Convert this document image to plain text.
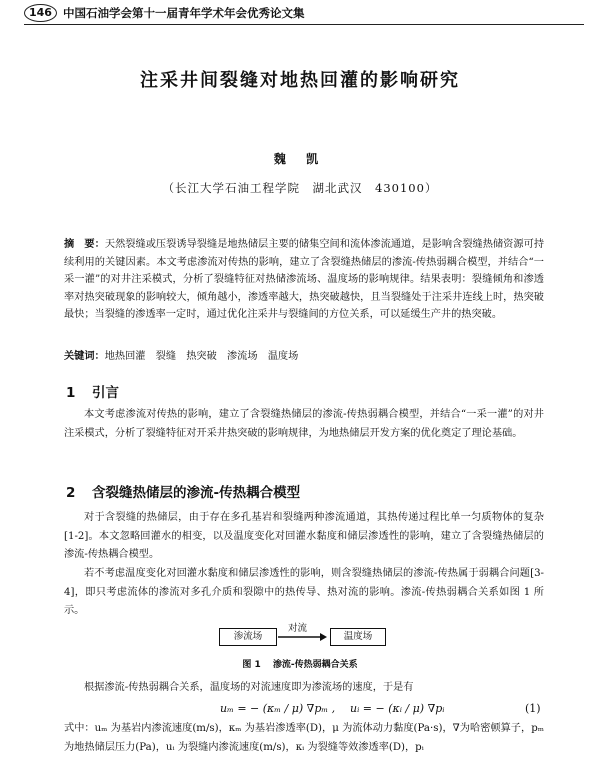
146 中国石油学会第十一届青年学术年会优秀论文集
注采井间裂缝对地热回灌的影响研究
魏 凯
（长江大学石油工程学院　湖北武汉　430100）
摘　要：天然裂缝或压裂诱导裂缝是地热储层主要的储集空间和流体渗流通道，是影响含裂缝热储资源可持续利用的关键因素。本文考虑渗流对传热的影响，建立了含裂缝热储层的渗流-传热弱耦合模型，并结合“一采一灌”的对井注采模式，分析了裂缝特征对热储渗流场、温度场的影响规律。结果表明：裂缝倾角和渗透率对热突破现象的影响较大，倾角越小，渗透率越大，热突破越快，且当裂缝处于注采井连线上时，热突破最快；当裂缝的渗透率一定时，通过优化注采井与裂缝间的方位关系，可以延缓生产井的热突破。
关键词：地热回灌　裂缝　热突破　渗流场　温度场
1 引言
本文考虑渗流对传热的影响，建立了含裂缝热储层的渗流-传热弱耦合模型，并结合“一采一灌”的对井注采模式，分析了裂缝特征对开采井热突破的影响规律，为地热储层开发方案的优化奠定了理论基础。
2 含裂缝热储层的渗流-传热耦合模型
对于含裂缝的热储层，由于存在多孔基岩和裂缝两种渗流通道，其热传递过程比单一匀质物体的复杂[1-2]。本文忽略回灌水的相变，以及温度变化对回灌水黏度和储层渗透性的影响，建立了含裂缝热储层的渗流-传热耦合模型。
若不考虑温度变化对回灌水黏度和储层渗透性的影响，则含裂缝热储层的渗流-传热属于弱耦合问题[3-4]，即只考虑流体的渗流对多孔介质和裂隙中的热传导、热对流的影响。渗流-传热弱耦合关系如图 1 所示。
渗流场
对流
温度场
图 1 渗流-传热弱耦合关系
根据渗流-传热弱耦合关系，温度场的对流速度即为渗流场的速度，于是有
uₘ = − (κₘ / μ) ∇pₘ , uᵢ = − (κᵢ / μ) ∇pᵢ	(1)
式中：uₘ 为基岩内渗流速度(m/s)，κₘ 为基岩渗透率(D)，μ 为流体动力黏度(Pa·s)，∇为哈密顿算子，pₘ 为地热储层压力(Pa)，uᵢ 为裂缝内渗流速度(m/s)，κᵢ 为裂缝等效渗透率(D)，pᵢ
